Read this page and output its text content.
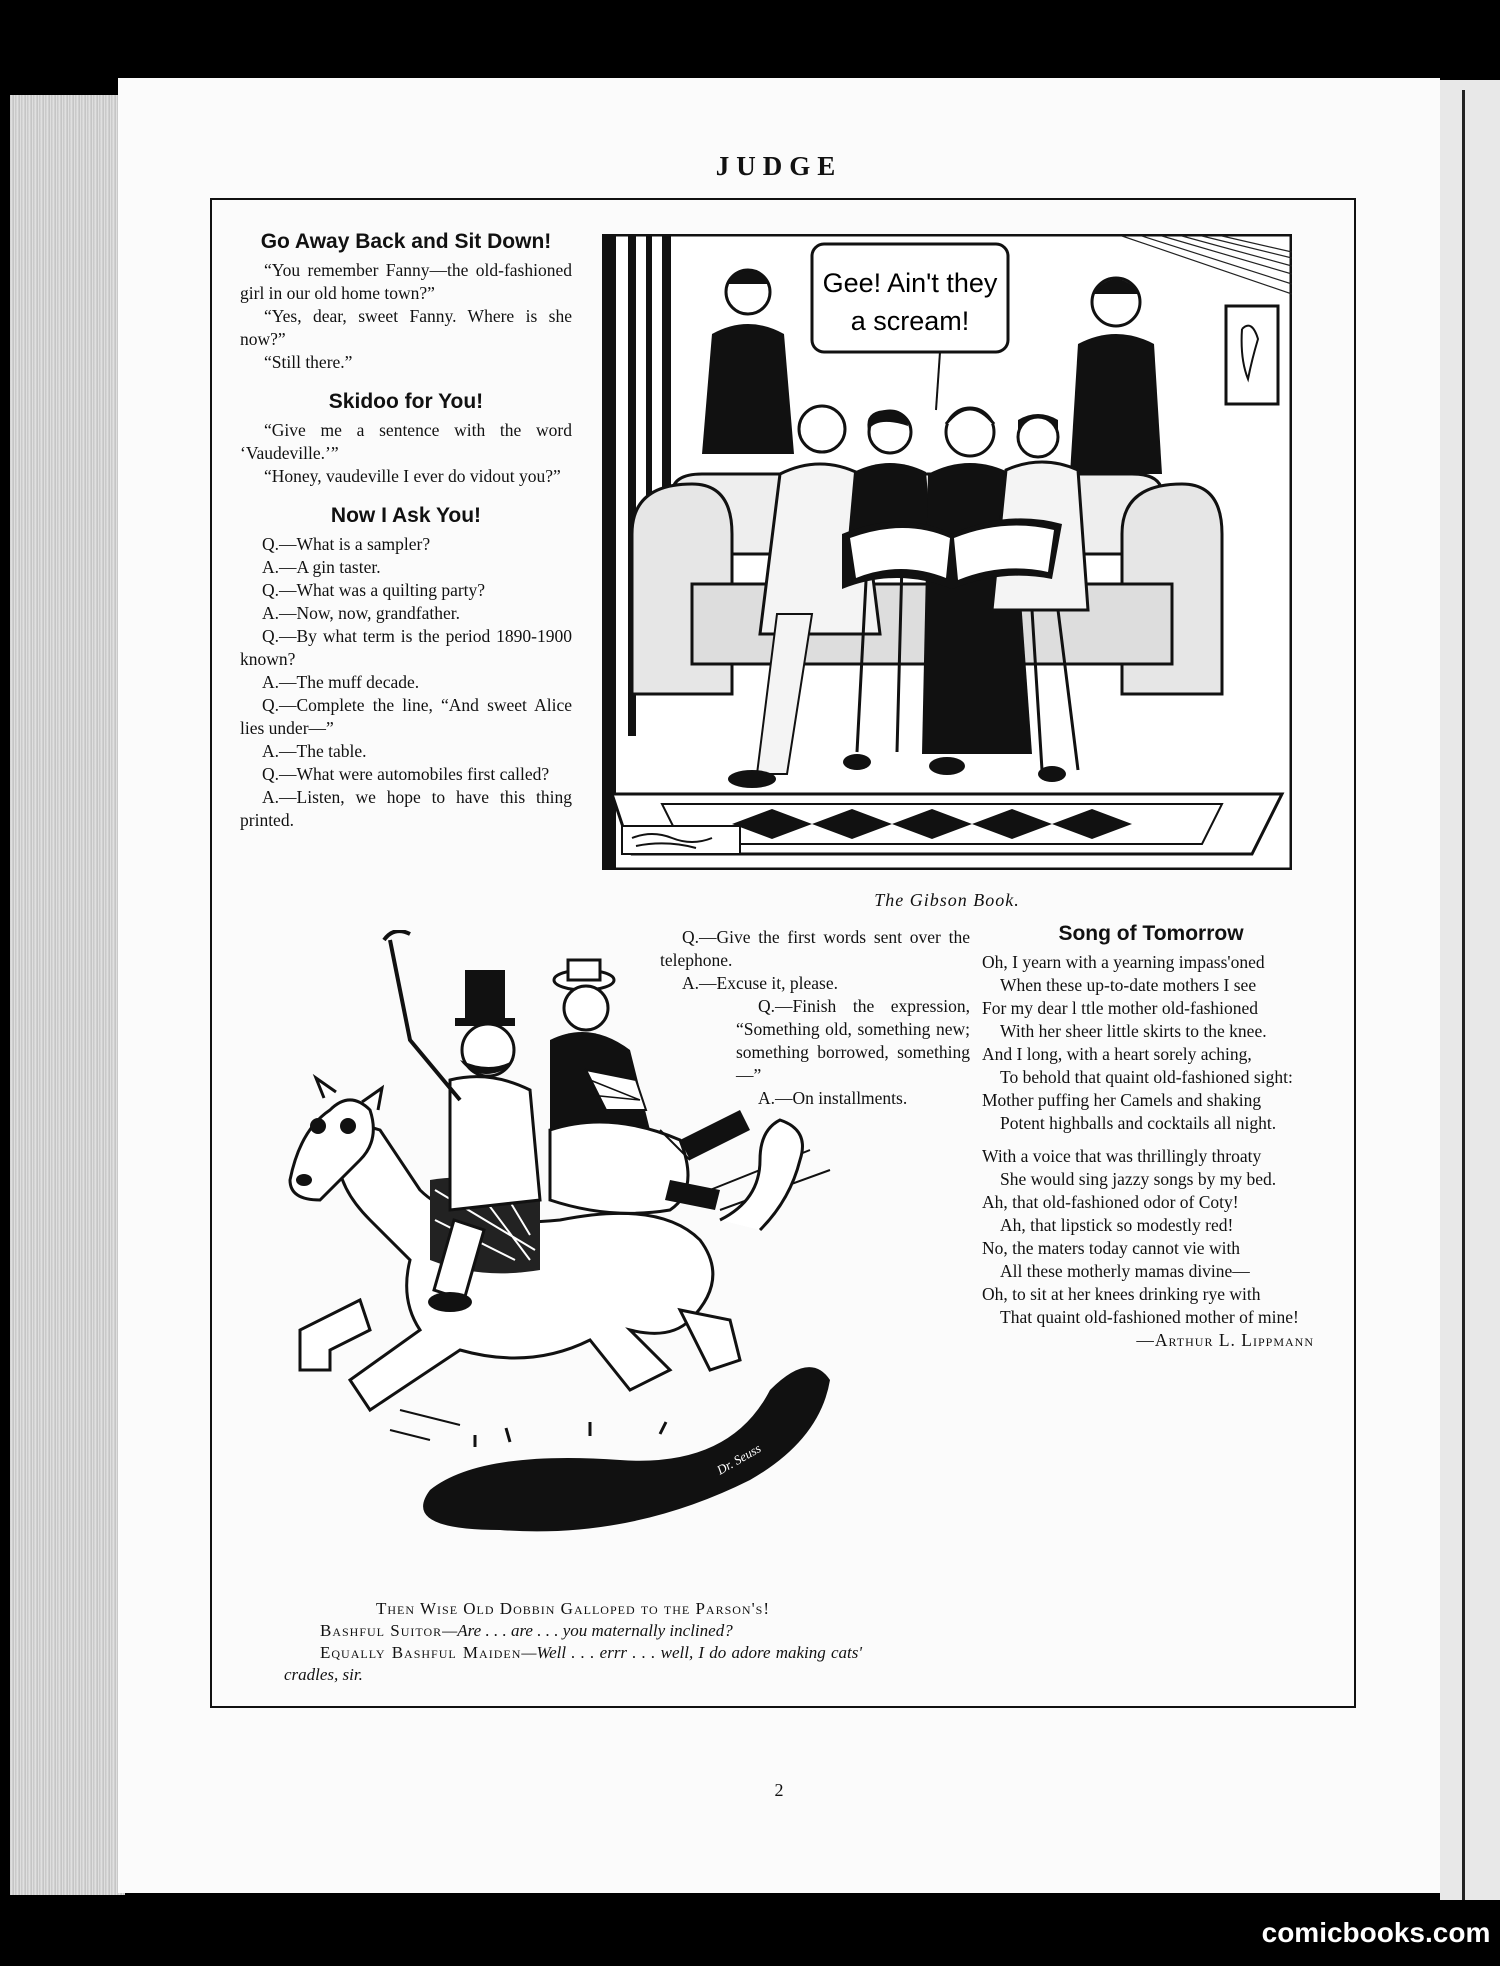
JUDGE
Go Away Back and Sit Down!
“You remember Fanny—the old-fashioned girl in our old home town?”
“Yes, dear, sweet Fanny. Where is she now?”
“Still there.”
Skidoo for You!
“Give me a sentence with the word ‘Vaudeville.’”
“Honey, vaudeville I ever do vidout you?”
Now I Ask You!
Q.—What is a sampler?
A.—A gin taster.
Q.—What was a quilting party?
A.—Now, now, grandfather.
Q.—By what term is the period 1890-1900 known?
A.—The muff decade.
Q.—Complete the line, “And sweet Alice lies under—”
A.—The table.
Q.—What were automobiles first called?
A.—Listen, we hope to have this thing printed.
Gee! Ain't they
a scream!
The Gibson Book.
Q.—Give the first words sent over the telephone.
A.—Excuse it, please.
Q.—Finish the expression, “Something old, something new; something borrowed, something—”
A.—On installments.
Dr. Seuss
Then Wise Old Dobbin Galloped to the Parson's!
Bashful Suitor—Are . . . are . . . you maternally inclined?
Equally Bashful Maiden—Well . . . errr . . . well, I do adore making cats' cradles, sir.
Song of Tomorrow
Oh, I yearn with a yearning impass'oned
When these up-to-date mothers I see
For my dear l ttle mother old-fashioned
With her sheer little skirts to the knee.
And I long, with a heart sorely aching,
To behold that quaint old-fashioned sight:
Mother puffing her Camels and shaking
Potent highballs and cocktails all night.
With a voice that was thrillingly throaty
She would sing jazzy songs by my bed.
Ah, that old-fashioned odor of Coty!
Ah, that lipstick so modestly red!
No, the maters today cannot vie with
All these motherly mamas divine—
Oh, to sit at her knees drinking rye with
That quaint old-fashioned mother of mine!
—Arthur L. Lippmann
2
comicbooks.com
